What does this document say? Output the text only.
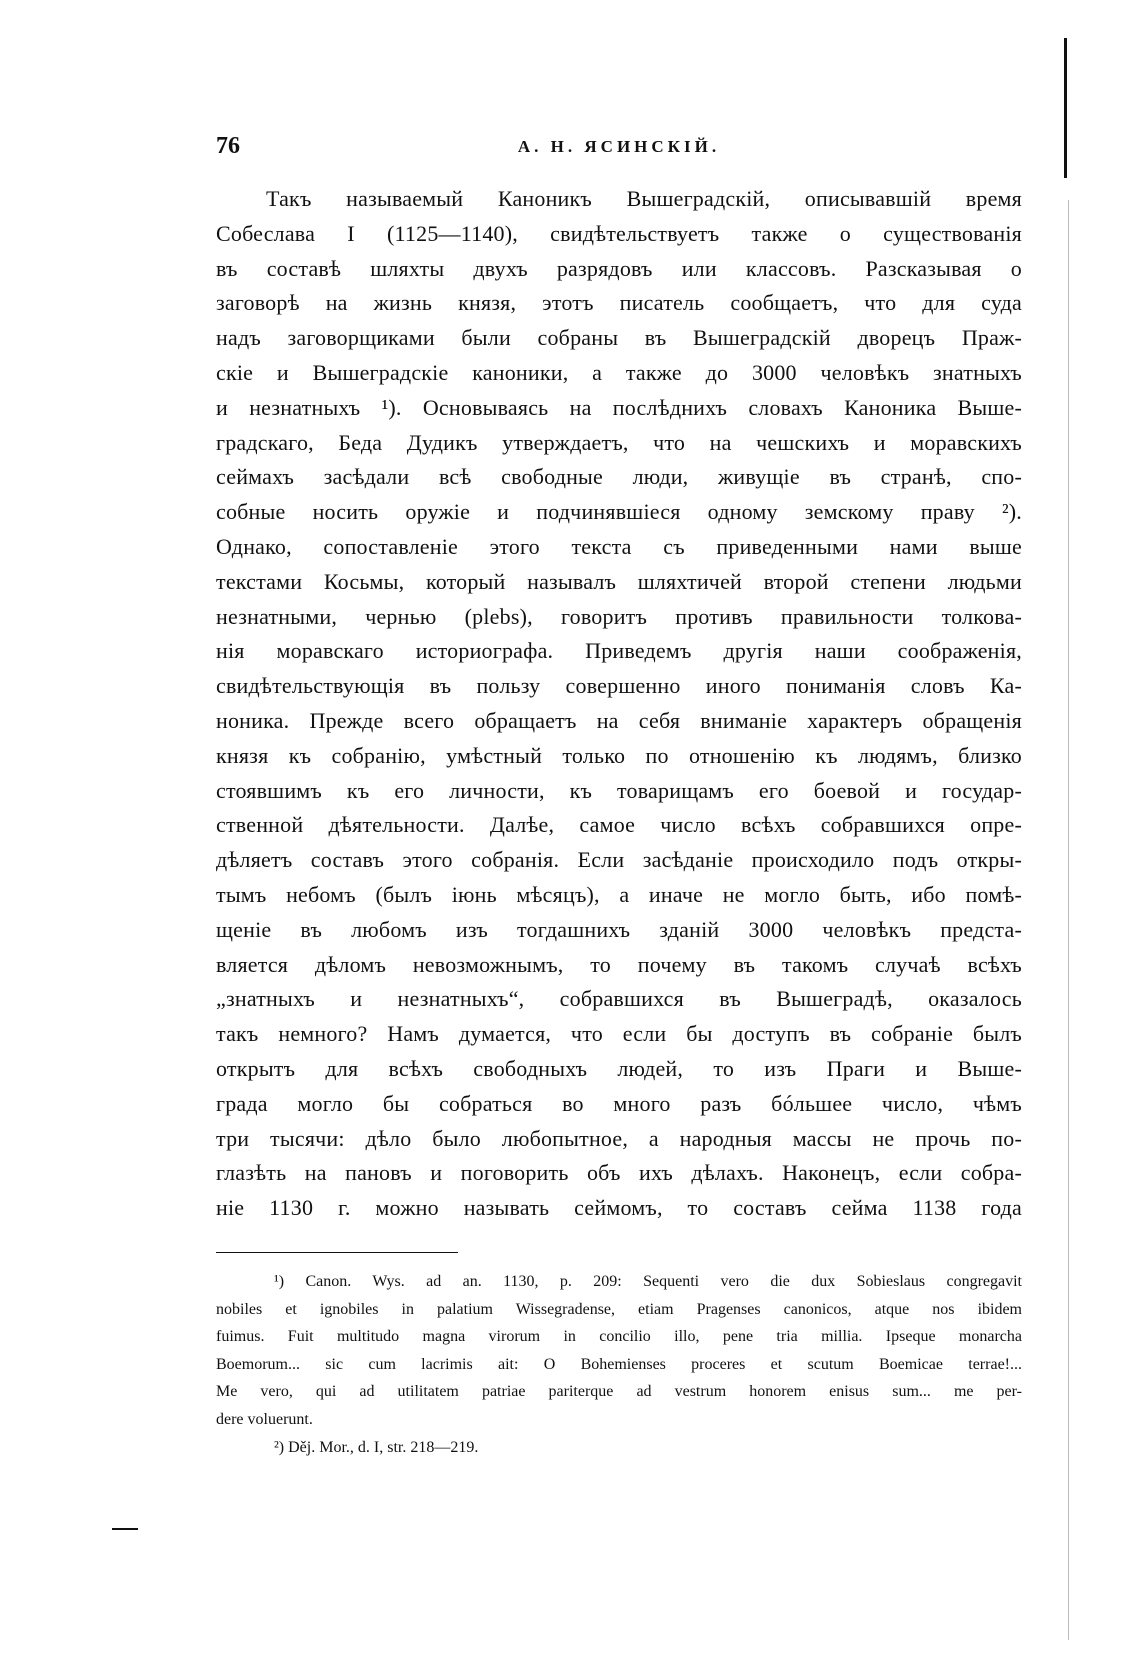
76	А. Н. ЯСИНСКІЙ.
Такъ называемый Каноникъ Вышеградскій, описывавшій время
Собеслава I (1125—1140), свидѣтельствуетъ также о существованія
въ составѣ шляхты двухъ разрядовъ или классовъ. Разсказывая о
заговорѣ на жизнь князя, этотъ писатель сообщаетъ, что для суда
надъ заговорщиками были собраны въ Вышеградскій дворецъ Праж-
скіе и Вышеградскіе каноники, а также до 3000 человѣкъ знатныхъ
и незнатныхъ ¹). Основываясь на послѣднихъ словахъ Каноника Выше-
градскаго, Беда Дудикъ утверждаетъ, что на чешскихъ и моравскихъ
сеймахъ засѣдали всѣ свободные люди, живущіе въ странѣ, спо-
собные носить оружіе и подчинявшіеся одному земскому праву ²).
Однако, сопоставленіе этого текста съ приведенными нами выше
текстами Косьмы, который называлъ шляхтичей второй степени людьми
незнатными, чернью (plebs), говоритъ противъ правильности толкова-
нія моравскаго историографа. Приведемъ другія наши соображенія,
свидѣтельствующія въ пользу совершенно иного пониманія словъ Ка-
ноника. Прежде всего обращаетъ на себя вниманіе характеръ обращенія
князя къ собранію, умѣстный только по отношенію къ людямъ, близко
стоявшимъ къ его личности, къ товарищамъ его боевой и государ-
ственной дѣятельности. Далѣе, самое число всѣхъ собравшихся опре-
дѣляетъ составъ этого собранія. Если засѣданіе происходило подъ откры-
тымъ небомъ (былъ іюнь мѣсяцъ), а иначе не могло быть, ибо помѣ-
щеніе въ любомъ изъ тогдашнихъ зданій 3000 человѣкъ предста-
вляется дѣломъ невозможнымъ, то почему въ такомъ случаѣ всѣхъ
„знатныхъ и незнатныхъ“, собравшихся въ Вышеградѣ, оказалось
такъ немного? Намъ думается, что если бы доступъ въ собраніе былъ
открытъ для всѣхъ свободныхъ людей, то изъ Праги и Выше-
града могло бы собраться во много разъ бóльшее число, чѣмъ
три тысячи: дѣло было любопытное, а народныя массы не прочь по-
глазѣть на пановъ и поговорить объ ихъ дѣлахъ. Наконецъ, если собра-
ніе 1130 г. можно называть сеймомъ, то составъ сейма 1138 года
¹) Canon. Wys. ad an. 1130, p. 209: Sequenti vero die dux Sobieslaus congregavit
nobiles et ignobiles in palatium Wissegradense, etiam Pragenses canonicos, atque nos ibidem
fuimus. Fuit multitudo magna virorum in concilio illo, pene tria millia. Ipseque monarcha
Boemorum... sic cum lacrimis ait: O Bohemienses proceres et scutum Boemicae terrae!...
Me vero, qui ad utilitatem patriae pariterque ad vestrum honorem enisus sum... me per-
dere voluerunt.
²) Děj. Mor., d. I, str. 218—219.
